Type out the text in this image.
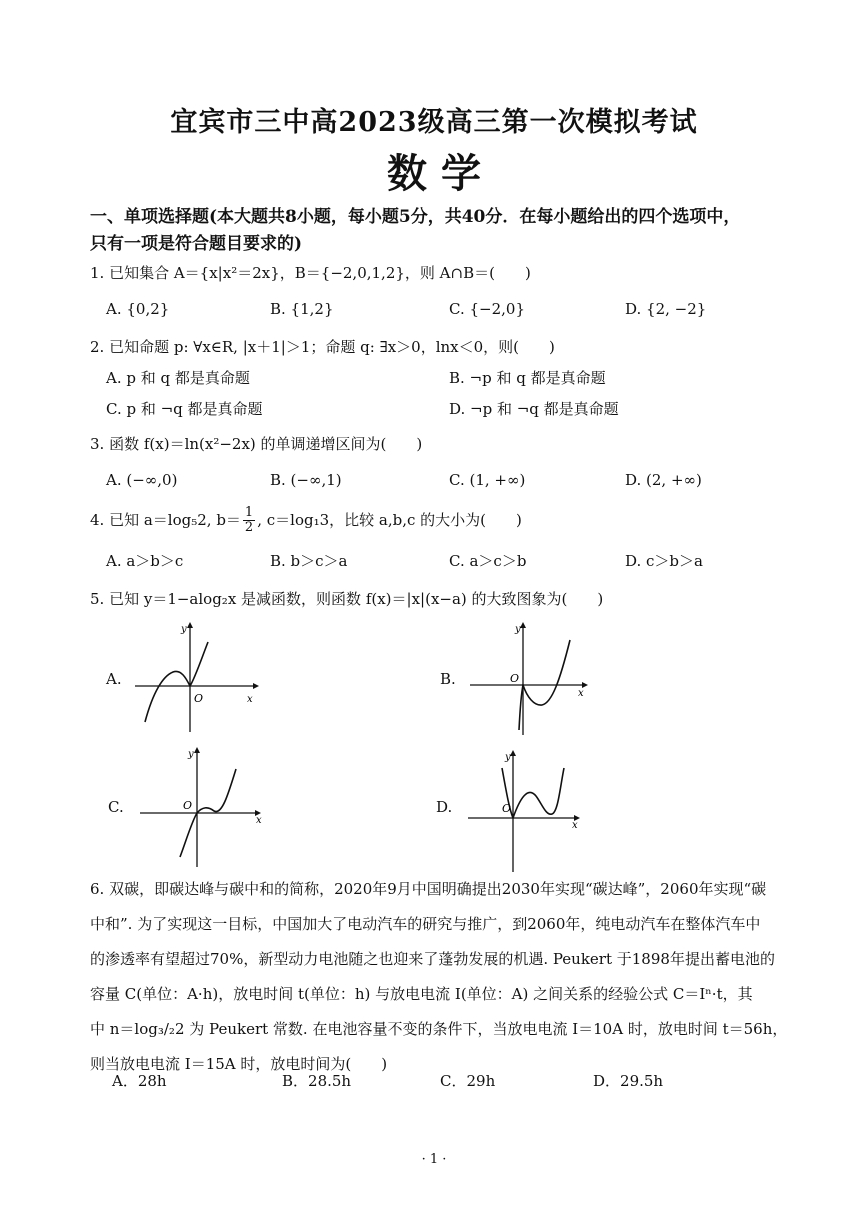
宜宾市三中高2023级高三第一次模拟考试
数 学
一、单项选择题(本大题共8小题，每小题5分，共40分．在每小题给出的四个选项中，
只有一项是符合题目要求的)
1. 已知集合 A＝{x|x²＝2x}，B＝{−2,0,1,2}，则 A∩B＝(　　)
A. {0,2}	B. {1,2}	C. {−2,0}	D. {2, −2}
2. 已知命题 p: ∀x∈R, |x＋1|＞1；命题 q: ∃x＞0，lnx＜0，则(　　)
A. p 和 q 都是真命题	B. ¬p 和 q 都是真命题
C. p 和 ¬q 都是真命题	D. ¬p 和 ¬q 都是真命题
3. 函数 f(x)＝ln(x²−2x) 的单调递增区间为(　　)
A. (−∞,0)	B. (−∞,1)	C. (1, +∞)	D. (2, +∞)
4. 已知 a＝log₅2, $b= \frac{1}{2}$ , c＝log₁3，比较 a,b,c 的大小为(　　)
A. a＞b＞c	B. b＞c＞a	C. a＞c＞b	D. c＞b＞a
5. 已知 y＝1−alog₂x 是减函数，则函数 f(x)＝|x|(x−a) 的大致图象为(　　)
A.
O	x
y
B.	O
x
y
C.	O
x
y
D.	O
x
y
6. 双碳，即碳达峰与碳中和的简称，2020年9月中国明确提出2030年实现“碳达峰”，2060年实现“碳
中和”. 为了实现这一目标，中国加大了电动汽车的研究与推广，到2060年，纯电动汽车在整体汽车中
的渗透率有望超过70%，新型动力电池随之也迎来了蓬勃发展的机遇. Peukert 于1898年提出蓄电池的
容量 C(单位：A·h)，放电时间 t(单位：h) 与放电电流 I(单位：A) 之间关系的经验公式 C＝Iⁿ·t，其
中 n＝log₃/₂2 为 Peukert 常数. 在电池容量不变的条件下，当放电电流 I＝10A 时，放电时间 t＝56h，
则当放电电流 I＝15A 时，放电时间为(　　)
A．28h	B．28.5h	C．29h	D．29.5h
· 1 ·
